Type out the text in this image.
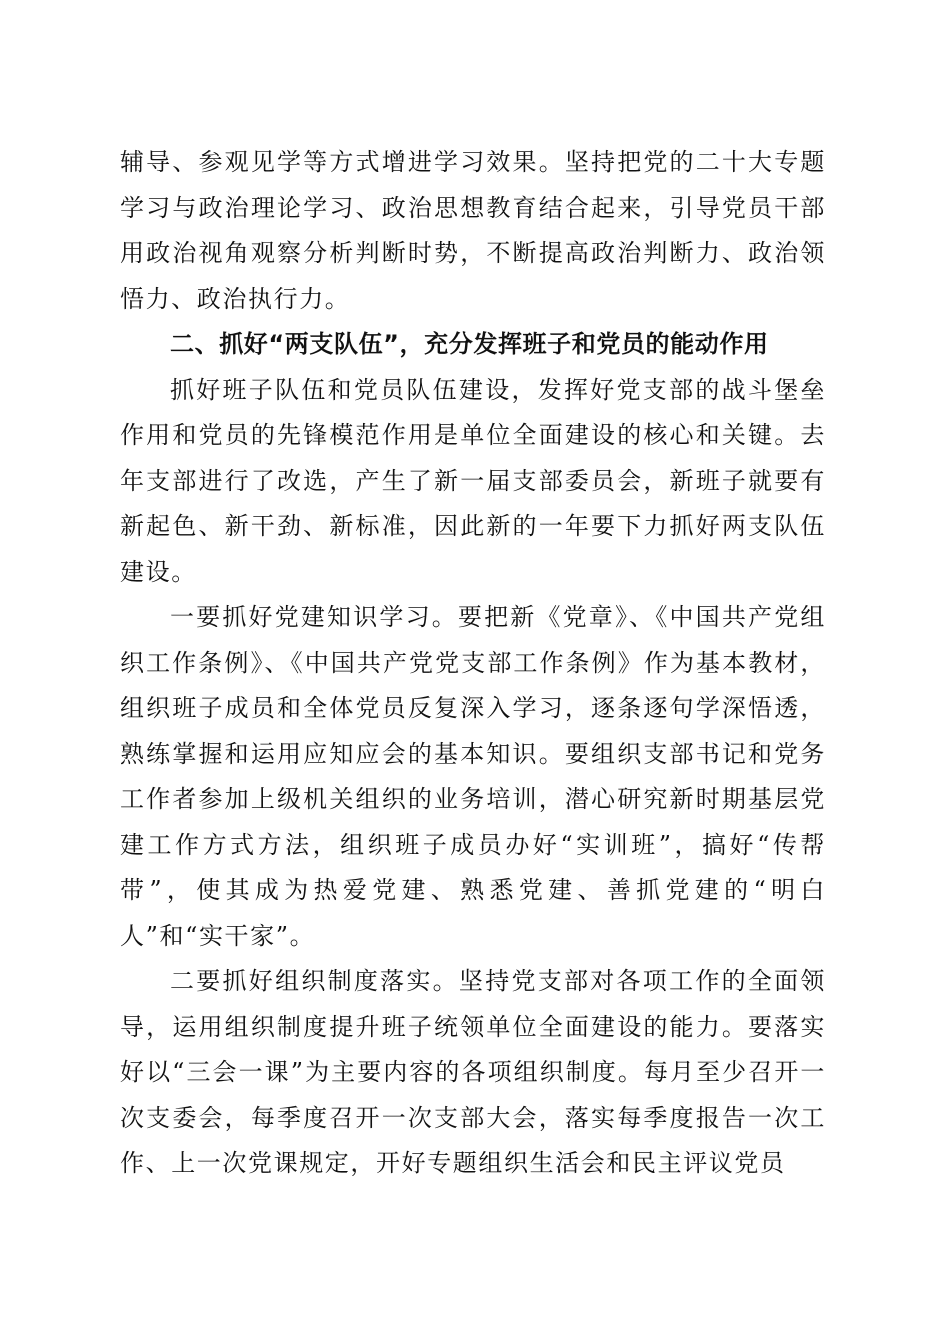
辅导、参观见学等方式增进学习效果。坚持把党的二十大专题学习与政治理论学习、政治思想教育结合起来，引导党员干部用政治视角观察分析判断时势，不断提高政治判断力、政治领悟力、政治执行力。

二、抓好“两支队伍”，充分发挥班子和党员的能动作用

抓好班子队伍和党员队伍建设，发挥好党支部的战斗堡垒作用和党员的先锋模范作用是单位全面建设的核心和关键。去年支部进行了改选，产生了新一届支部委员会，新班子就要有新起色、新干劲、新标准，因此新的一年要下力抓好两支队伍建设。

一要抓好党建知识学习。要把新《党章》、《中国共产党组织工作条例》、《中国共产党党支部工作条例》作为基本教材，组织班子成员和全体党员反复深入学习，逐条逐句学深悟透，熟练掌握和运用应知应会的基本知识。要组织支部书记和党务工作者参加上级机关组织的业务培训，潜心研究新时期基层党建工作方式方法，组织班子成员办好“实训班”，搞好“传帮带”，使其成为热爱党建、熟悉党建、善抓党建的“明白人”和“实干家”。

二要抓好组织制度落实。坚持党支部对各项工作的全面领导，运用组织制度提升班子统领单位全面建设的能力。要落实好以“三会一课”为主要内容的各项组织制度。每月至少召开一次支委会，每季度召开一次支部大会，落实每季度报告一次工作、上一次党课规定，开好专题组织生活会和民主评议党员
